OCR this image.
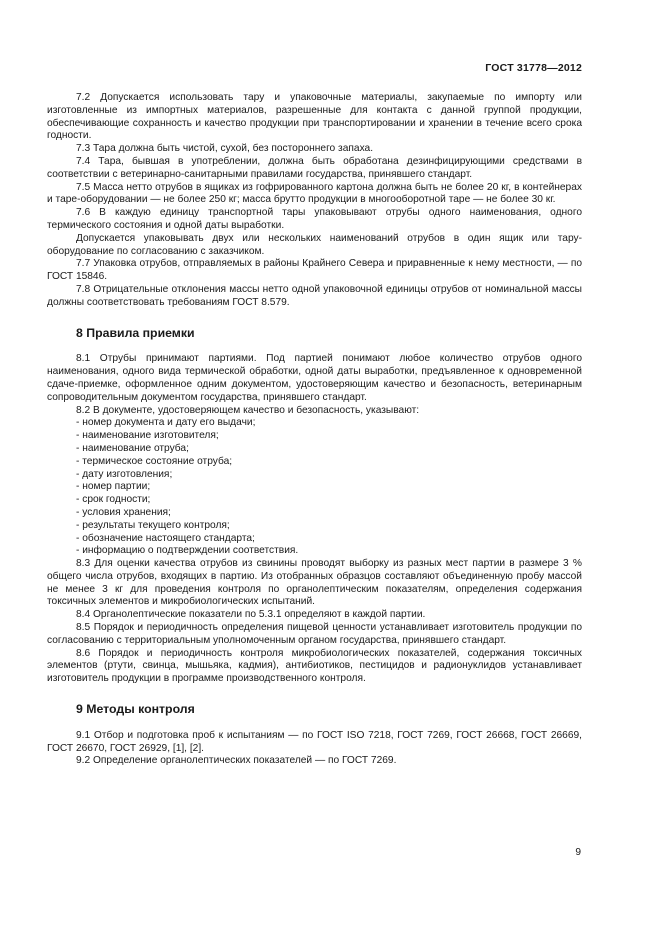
ГОСТ 31778—2012

7.2 Допускается использовать тару и упаковочные материалы, закупаемые по импорту или изготовленные из импортных материалов, разрешенные для контакта с данной группой продукции, обеспечивающие сохранность и качество продукции при транспортировании и хранении в течение всего срока годности.

7.3 Тара должна быть чистой, сухой, без постороннего запаха.

7.4 Тара, бывшая в употреблении, должна быть обработана дезинфицирующими средствами в соответствии с ветеринарно-санитарными правилами государства, принявшего стандарт.

7.5 Масса нетто отрубов в ящиках из гофрированного картона должна быть не более 20 кг, в контейнерах и таре-оборудовании — не более 250 кг; масса брутто продукции в многооборотной таре — не более 30 кг.

7.6 В каждую единицу транспортной тары упаковывают отрубы одного наименования, одного термического состояния и одной даты выработки.

Допускается упаковывать двух или нескольких наименований отрубов в один ящик или тару-оборудование по согласованию с заказчиком.

7.7 Упаковка отрубов, отправляемых в районы Крайнего Севера и приравненные к нему местности, — по ГОСТ 15846.

7.8 Отрицательные отклонения массы нетто одной упаковочной единицы отрубов от номинальной массы должны соответствовать требованиям ГОСТ 8.579.

8 Правила приемки

8.1 Отрубы принимают партиями. Под партией понимают любое количество отрубов одного наименования, одного вида термической обработки, одной даты выработки, предъявленное к одновременной сдаче-приемке, оформленное одним документом, удостоверяющим качество и безопасность, ветеринарным сопроводительным документом государства, принявшего стандарт.

8.2 В документе, удостоверяющем качество и безопасность, указывают:

- номер документа и дату его выдачи;
- наименование изготовителя;
- наименование отруба;
- термическое состояние отруба;
- дату изготовления;
- номер партии;
- срок годности;
- условия хранения;
- результаты текущего контроля;
- обозначение настоящего стандарта;
- информацию о подтверждении соответствия.

8.3 Для оценки качества отрубов из свинины проводят выборку из разных мест партии в размере 3 % общего числа отрубов, входящих в партию. Из отобранных образцов составляют объединенную пробу массой не менее 3 кг для проведения контроля по органолептическим показателям, определения содержания токсичных элементов и микробиологических испытаний.

8.4 Органолептические показатели по 5.3.1 определяют в каждой партии.

8.5 Порядок и периодичность определения пищевой ценности устанавливает изготовитель продукции по согласованию с территориальным уполномоченным органом государства, принявшего стандарт.

8.6 Порядок и периодичность контроля микробиологических показателей, содержания токсичных элементов (ртути, свинца, мышьяка, кадмия), антибиотиков, пестицидов и радионуклидов устанавливает изготовитель продукции в программе производственного контроля.

9 Методы контроля

9.1 Отбор и подготовка проб к испытаниям — по ГОСТ ISO 7218, ГОСТ 7269, ГОСТ 26668, ГОСТ 26669, ГОСТ 26670, ГОСТ 26929, [1], [2].

9.2 Определение органолептических показателей — по ГОСТ 7269.

9
